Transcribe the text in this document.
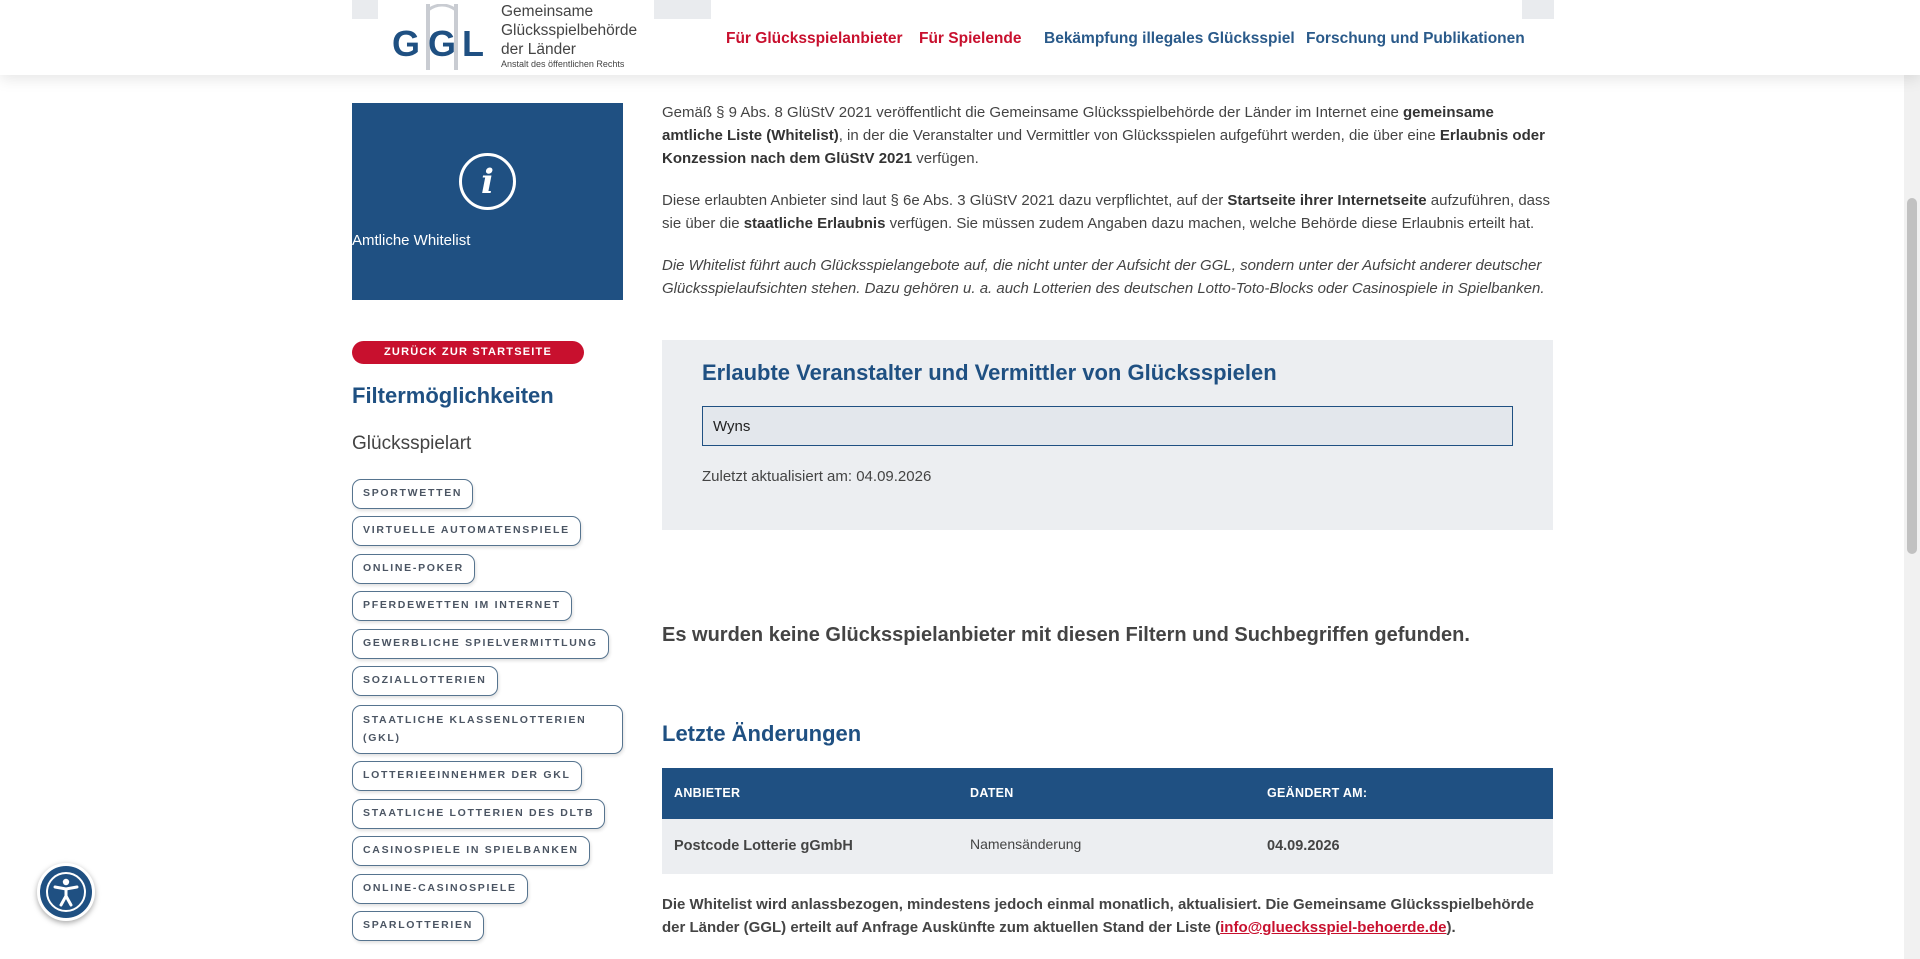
G G L
Gemeinsame
Glücksspielbehörde
der Länder
Anstalt des öffentlichen Rechts
Für Glücksspielanbieter Für Spielende Bekämpfung illegales Glücksspiel Forschung und Publikationen
i
Amtliche Whitelist
ZURÜCK ZUR STARTSEITE
Filtermöglichkeiten
Glücksspielart
SPORTWETTEN
VIRTUELLE AUTOMATENSPIELE
ONLINE-POKER
PFERDEWETTEN IM INTERNET
GEWERBLICHE SPIELVERMITTLUNG
SOZIALLOTTERIEN
STAATLICHE KLASSENLOTTERIEN (GKL)
LOTTERIEEINNEHMER DER GKL
STAATLICHE LOTTERIEN DES DLTB
CASINOSPIELE IN SPIELBANKEN
ONLINE-CASINOSPIELE
SPARLOTTERIEN
Gemäß § 9 Abs. 8 GlüStV 2021 veröffentlicht die Gemeinsame Glücksspielbehörde der Länder im Internet eine gemeinsame amtliche Liste (Whitelist), in der die Veranstalter und Vermittler von Glücksspielen aufgeführt werden, die über eine Erlaubnis oder Konzession nach dem GlüStV 2021 verfügen.
Diese erlaubten Anbieter sind laut § 6e Abs. 3 GlüStV 2021 dazu verpflichtet, auf der Startseite ihrer Internetseite aufzuführen, dass sie über die staatliche Erlaubnis verfügen. Sie müssen zudem Angaben dazu machen, welche Behörde diese Erlaubnis erteilt hat.
Die Whitelist führt auch Glücksspielangebote auf, die nicht unter der Aufsicht der GGL, sondern unter der Aufsicht anderer deutscher Glücksspielaufsichten stehen. Dazu gehören u. a. auch Lotterien des deutschen Lotto-Toto-Blocks oder Casinospiele in Spielbanken.
Erlaubte Veranstalter und Vermittler von Glücksspielen
Wyns
Zuletzt aktualisiert am: 04.09.2026
Es wurden keine Glücksspielanbieter mit diesen Filtern und Suchbegriffen gefunden.
Letzte Änderungen
ANBIETER	DATEN	GEÄNDERT AM:
Postcode Lotterie gGmbH	Namensänderung	04.09.2026
Die Whitelist wird anlassbezogen, mindestens jedoch einmal monatlich, aktualisiert. Die Gemeinsame Glücksspielbehörde der Länder (GGL) erteilt auf Anfrage Auskünfte zum aktuellen Stand der Liste (info@gluecksspiel-behoerde.de).
